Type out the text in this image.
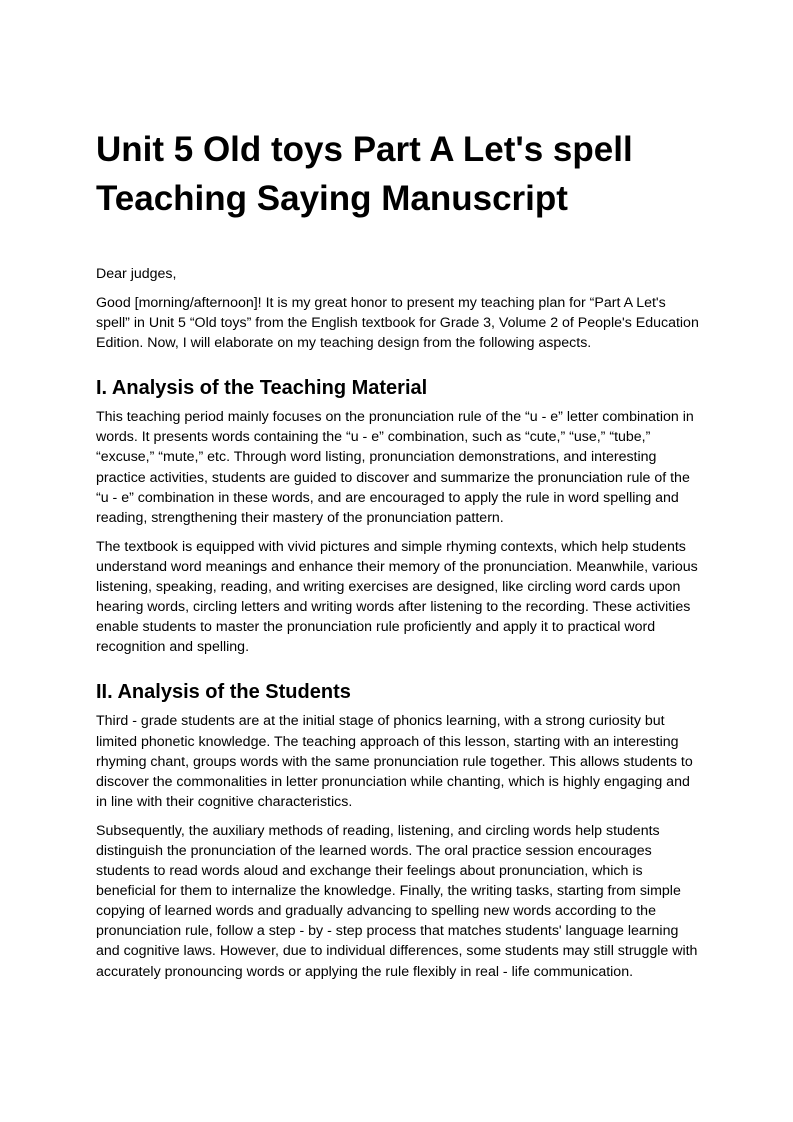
Unit 5 Old toys Part A Let's spell Teaching Saying Manuscript

Dear judges,

Good [morning/afternoon]! It is my great honor to present my teaching plan for “Part A Let's spell” in Unit 5 “Old toys” from the English textbook for Grade 3, Volume 2 of People's Education Edition. Now, I will elaborate on my teaching design from the following aspects.

I. Analysis of the Teaching Material

This teaching period mainly focuses on the pronunciation rule of the “u - e” letter combination in words. It presents words containing the “u - e” combination, such as “cute,” “use,” “tube,” “excuse,” “mute,” etc. Through word listing, pronunciation demonstrations, and interesting practice activities, students are guided to discover and summarize the pronunciation rule of the “u - e” combination in these words, and are encouraged to apply the rule in word spelling and reading, strengthening their mastery of the pronunciation pattern.

The textbook is equipped with vivid pictures and simple rhyming contexts, which help students understand word meanings and enhance their memory of the pronunciation. Meanwhile, various listening, speaking, reading, and writing exercises are designed, like circling word cards upon hearing words, circling letters and writing words after listening to the recording. These activities enable students to master the pronunciation rule proficiently and apply it to practical word recognition and spelling.

II. Analysis of the Students

Third - grade students are at the initial stage of phonics learning, with a strong curiosity but limited phonetic knowledge. The teaching approach of this lesson, starting with an interesting rhyming chant, groups words with the same pronunciation rule together. This allows students to discover the commonalities in letter pronunciation while chanting, which is highly engaging and in line with their cognitive characteristics.

Subsequently, the auxiliary methods of reading, listening, and circling words help students distinguish the pronunciation of the learned words. The oral practice session encourages students to read words aloud and exchange their feelings about pronunciation, which is beneficial for them to internalize the knowledge. Finally, the writing tasks, starting from simple copying of learned words and gradually advancing to spelling new words according to the pronunciation rule, follow a step - by - step process that matches students' language learning and cognitive laws. However, due to individual differences, some students may still struggle with accurately pronouncing words or applying the rule flexibly in real - life communication.
